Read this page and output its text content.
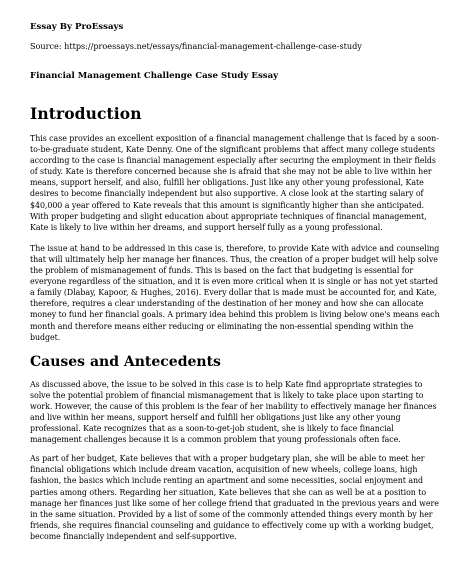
Essay By ProEssays

Source: https://proessays.net/essays/financial-management-challenge-case-study

Financial Management Challenge Case Study Essay

Introduction

This case provides an excellent exposition of a financial management challenge that is faced by a soon-to-be-graduate student, Kate Denny. One of the significant problems that affect many college students according to the case is financial management especially after securing the employment in their fields of study. Kate is therefore concerned because she is afraid that she may not be able to live within her means, support herself, and also, fulfill her obligations. Just like any other young professional, Kate desires to become financially independent but also supportive. A close look at the starting salary of $40,000 a year offered to Kate reveals that this amount is significantly higher than she anticipated. With proper budgeting and slight education about appropriate techniques of financial management, Kate is likely to live within her dreams, and support herself fully as a young professional.

The issue at hand to be addressed in this case is, therefore, to provide Kate with advice and counseling that will ultimately help her manage her finances. Thus, the creation of a proper budget will help solve the problem of mismanagement of funds. This is based on the fact that budgeting is essential for everyone regardless of the situation, and it is even more critical when it is single or has not yet started a family (Dlabay, Kapoor, & Hughes, 2016). Every dollar that is made must be accounted for, and Kate, therefore, requires a clear understanding of the destination of her money and how she can allocate money to fund her financial goals. A primary idea behind this problem is living below one's means each month and therefore means either reducing or eliminating the non-essential spending within the budget.

Causes and Antecedents

As discussed above, the issue to be solved in this case is to help Kate find appropriate strategies to solve the potential problem of financial mismanagement that is likely to take place upon starting to work. However, the cause of this problem is the fear of her inability to effectively manage her finances and live within her means, support herself and fulfill her obligations just like any other young professional. Kate recognizes that as a soon-to-get-job student, she is likely to face financial management challenges because it is a common problem that young professionals often face.

As part of her budget, Kate believes that with a proper budgetary plan, she will be able to meet her financial obligations which include dream vacation, acquisition of new wheels, college loans, high fashion, the basics which include renting an apartment and some necessities, social enjoyment and parties among others. Regarding her situation, Kate believes that she can as well be at a position to manage her finances just like some of her college friend that graduated in the previous years and were in the same situation. Provided by a list of some of the commonly attended things every month by her friends, she requires financial counseling and guidance to effectively come up with a working budget, become financially independent and self-supportive.
